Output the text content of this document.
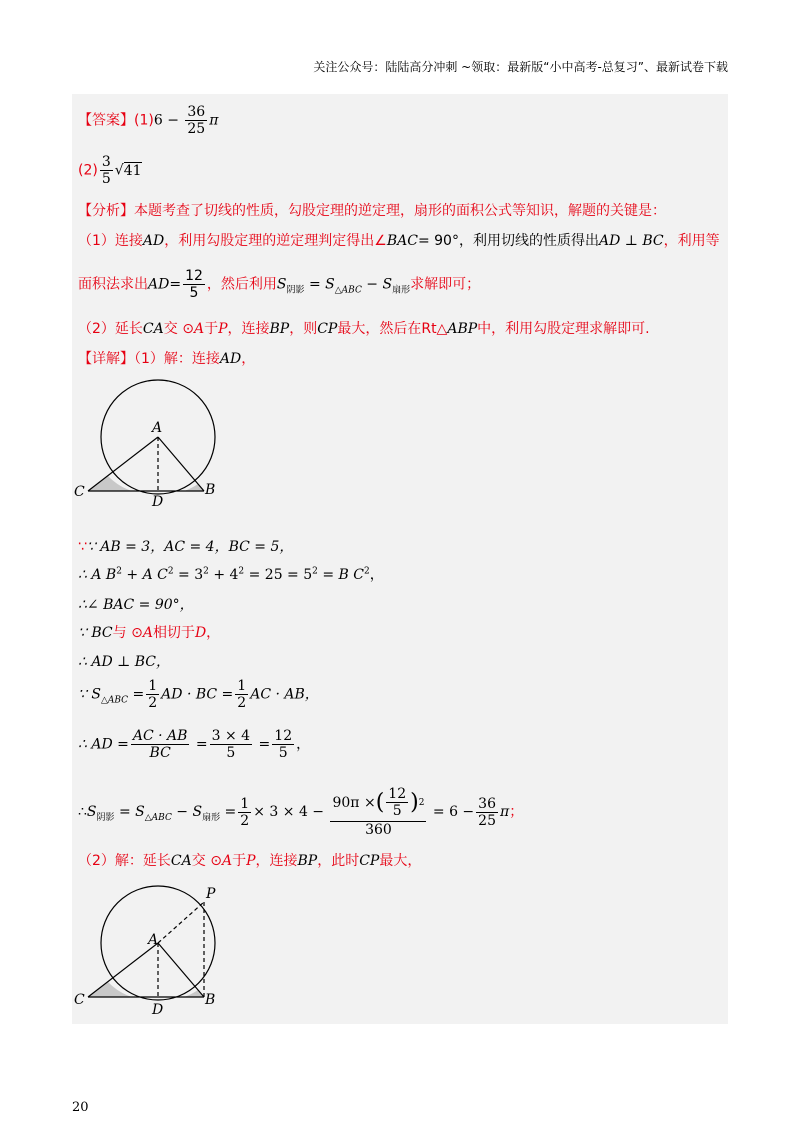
关注公众号：陆陆高分冲刺 ~领取：最新版“小中高考-总复习”、最新试卷下载
【答案】$(1)6 - \frac{36}{25}$ π
$(2) \frac{3}{5} √41$
【分析】本题考查了切线的性质，勾股定理的逆定理，扇形的面积公式等知识，解题的关键是：
（1）连接AD，利用勾股定理的逆定理判定得出∠BAC= 90°，利用切线的性质得出AD ⊥ BC，利用等
面积法求出$AD= \frac{12}{5}$ ，然后利用$S_{阴影} = S_{\triangle ABC} - S_{扇形}$求解即可；
（2）延长CA交 ⊙A于P，连接BP，则CP最大，然后在Rt△ABP中，利用勾股定理求解即可.
【详解】（1）解：连接AD，
A
B
C
D
∵∵ AB = 3，AC = 4，BC = 5，
∴ A $B^2 + A$ $C^2 = 3^2 + 4^2 = 25 = 5^2 = B$ $C^2$，
∴∠ BAC = 90°，
∵ BC与 ⊙A相切于D，
∴ AD ⊥ BC，
∵ $S_{\triangle ABC} = \frac{1}{2}$ AD · BC = $\frac{1}{2}$ AC · AB，
∴ AD = $\frac{AC \cdot AB}{BC} = \frac{3 \times 4}{5} = \frac{12}{5}$ ，
$\therefore S_{阴影} = S_{\triangle ABC} - S_{扇形} = \frac{1}{2} \times 3 \times 4 - \frac{90\pi \times ( \frac{12}{5} ) 2}{360} = 6 - \frac{36}{25}$ π；
（2）解：延长CA交 ⊙A于P，连接BP，此时CP最大，
A
B
C
D
P
20
